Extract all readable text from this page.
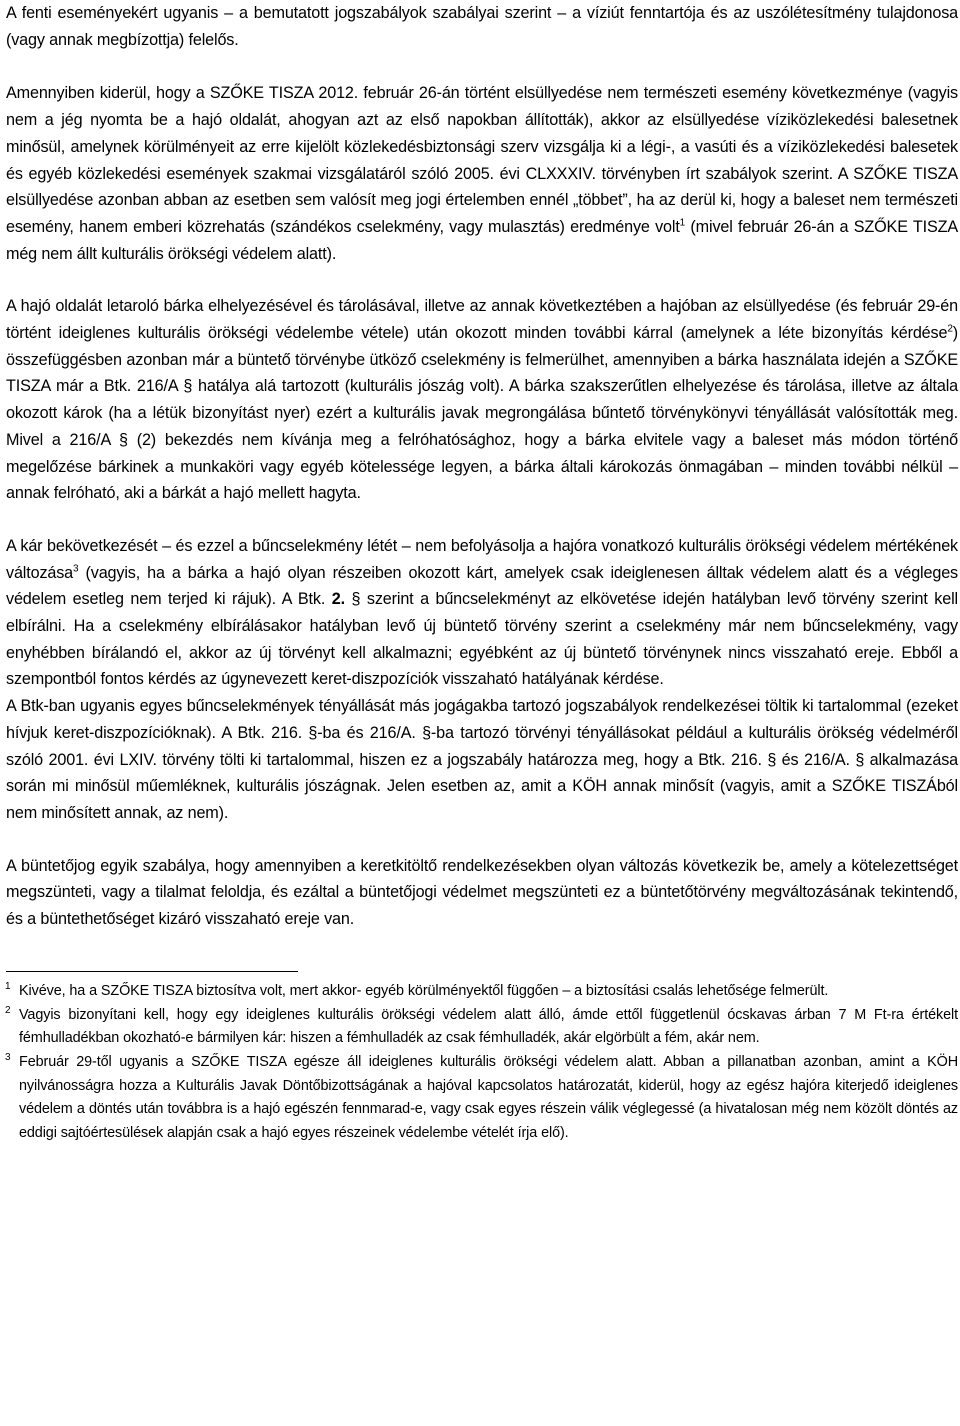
A fenti eseményekért ugyanis – a bemutatott jogszabályok szabályai szerint – a víziút fenntartója és az uszólétesítmény tulajdonosa (vagy annak megbízottja) felelős.

Amennyiben kiderül, hogy a SZŐKE TISZA 2012. február 26-án történt elsüllyedése nem természeti esemény következménye (vagyis nem a jég nyomta be a hajó oldalát, ahogyan azt az első napokban állították), akkor az elsüllyedése víziközlekedési balesetnek minősül, amelynek körülményeit az erre kijelölt közlekedésbiztonsági szerv vizsgálja ki a légi-, a vasúti és a víziközlekedési balesetek és egyéb közlekedési események szakmai vizsgálatáról szóló 2005. évi CLXXXIV. törvényben írt szabályok szerint. A SZŐKE TISZA elsüllyedése azonban abban az esetben sem valósít meg jogi értelemben ennél „többet”, ha az derül ki, hogy a baleset nem természeti esemény, hanem emberi közrehatás (szándékos cselekmény, vagy mulasztás) eredménye volt$^1$ (mivel február 26-án a SZŐKE TISZA még nem állt kulturális örökségi védelem alatt).

A hajó oldalát letaroló bárka elhelyezésével és tárolásával, illetve az annak következtében a hajóban az elsüllyedése (és február 29-én történt ideiglenes kulturális örökségi védelembe vétele) után okozott minden további kárral (amelynek a léte bizonyítás kérdése$^2$) összefüggésben azonban már a büntető törvénybe ütköző cselekmény is felmerülhet, amennyiben a bárka használata idején a SZŐKE TISZA már a Btk. 216/A § hatálya alá tartozott (kulturális jószág volt). A bárka szakszerűtlen elhelyezése és tárolása, illetve az általa okozott károk (ha a létük bizonyítást nyer) ezért a kulturális javak megrongálása bűntető törvénykönyvi tényállását valósították meg. Mivel a 216/A § (2) bekezdés nem kívánja meg a felróhatósághoz, hogy a bárka elvitele vagy a baleset más módon történő megelőzése bárkinek a munkaköri vagy egyéb kötelessége legyen, a bárka általi károkozás önmagában – minden további nélkül – annak felróható, aki a bárkát a hajó mellett hagyta.

A kár bekövetkezését – és ezzel a bűncselekmény létét – nem befolyásolja a hajóra vonatkozó kulturális örökségi védelem mértékének változása$^3$ (vagyis, ha a bárka a hajó olyan részeiben okozott kárt, amelyek csak ideiglenesen álltak védelem alatt és a végleges védelem esetleg nem terjed ki rájuk). A Btk. 2. § szerint a bűncselekményt az elkövetése idején hatályban levő törvény szerint kell elbírálni. Ha a cselekmény elbírálásakor hatályban levő új büntető törvény szerint a cselekmény már nem bűncselekmény, vagy enyhébben bírálandó el, akkor az új törvényt kell alkalmazni; egyébként az új büntető törvénynek nincs visszaható ereje. Ebből a szempontból fontos kérdés az úgynevezett keret-diszpozíciók visszaható hatályának kérdése.

A Btk-ban ugyanis egyes bűncselekmények tényállását más jogágakba tartozó jogszabályok rendelkezései töltik ki tartalommal (ezeket hívjuk keret-diszpozícióknak). A Btk. 216. §-ba és 216/A. §-ba tartozó törvényi tényállásokat például a kulturális örökség védelméről szóló 2001. évi LXIV. törvény tölti ki tartalommal, hiszen ez a jogszabály határozza meg, hogy a Btk. 216. § és 216/A. § alkalmazása során mi minősül műemléknek, kulturális jószágnak. Jelen esetben az, amit a KÖH annak minősít (vagyis, amit a SZŐKE TISZÁból nem minősített annak, az nem).

A büntetőjog egyik szabálya, hogy amennyiben a keretkitöltő rendelkezésekben olyan változás következik be, amely a kötelezettséget megszünteti, vagy a tilalmat feloldja, és ezáltal a büntetőjogi védelmet megszünteti ez a büntetőtörvény megváltozásának tekintendő, és a büntethetőséget kizáró visszaható ereje van.

1 Kivéve, ha a SZŐKE TISZA biztosítva volt, mert akkor- egyéb körülményektől függően – a biztosítási csalás lehetősége felmerült.

2 Vagyis bizonyítani kell, hogy egy ideiglenes kulturális örökségi védelem alatt álló, ámde ettől függetlenül ócskavas árban 7 M Ft-ra értékelt fémhulladékban okozható-e bármilyen kár: hiszen a fémhulladék az csak fémhulladék, akár elgörbült a fém, akár nem.

3 Február 29-től ugyanis a SZŐKE TISZA egésze áll ideiglenes kulturális örökségi védelem alatt. Abban a pillanatban azonban, amint a KÖH nyilvánosságra hozza a Kulturális Javak Döntőbizottságának a hajóval kapcsolatos határozatát, kiderül, hogy az egész hajóra kiterjedő ideiglenes védelem a döntés után továbbra is a hajó egészén fennmarad-e, vagy csak egyes részein válik véglegessé (a hivatalosan még nem közölt döntés az eddigi sajtóértesülések alapján csak a hajó egyes részeinek védelembe vételét írja elő).
